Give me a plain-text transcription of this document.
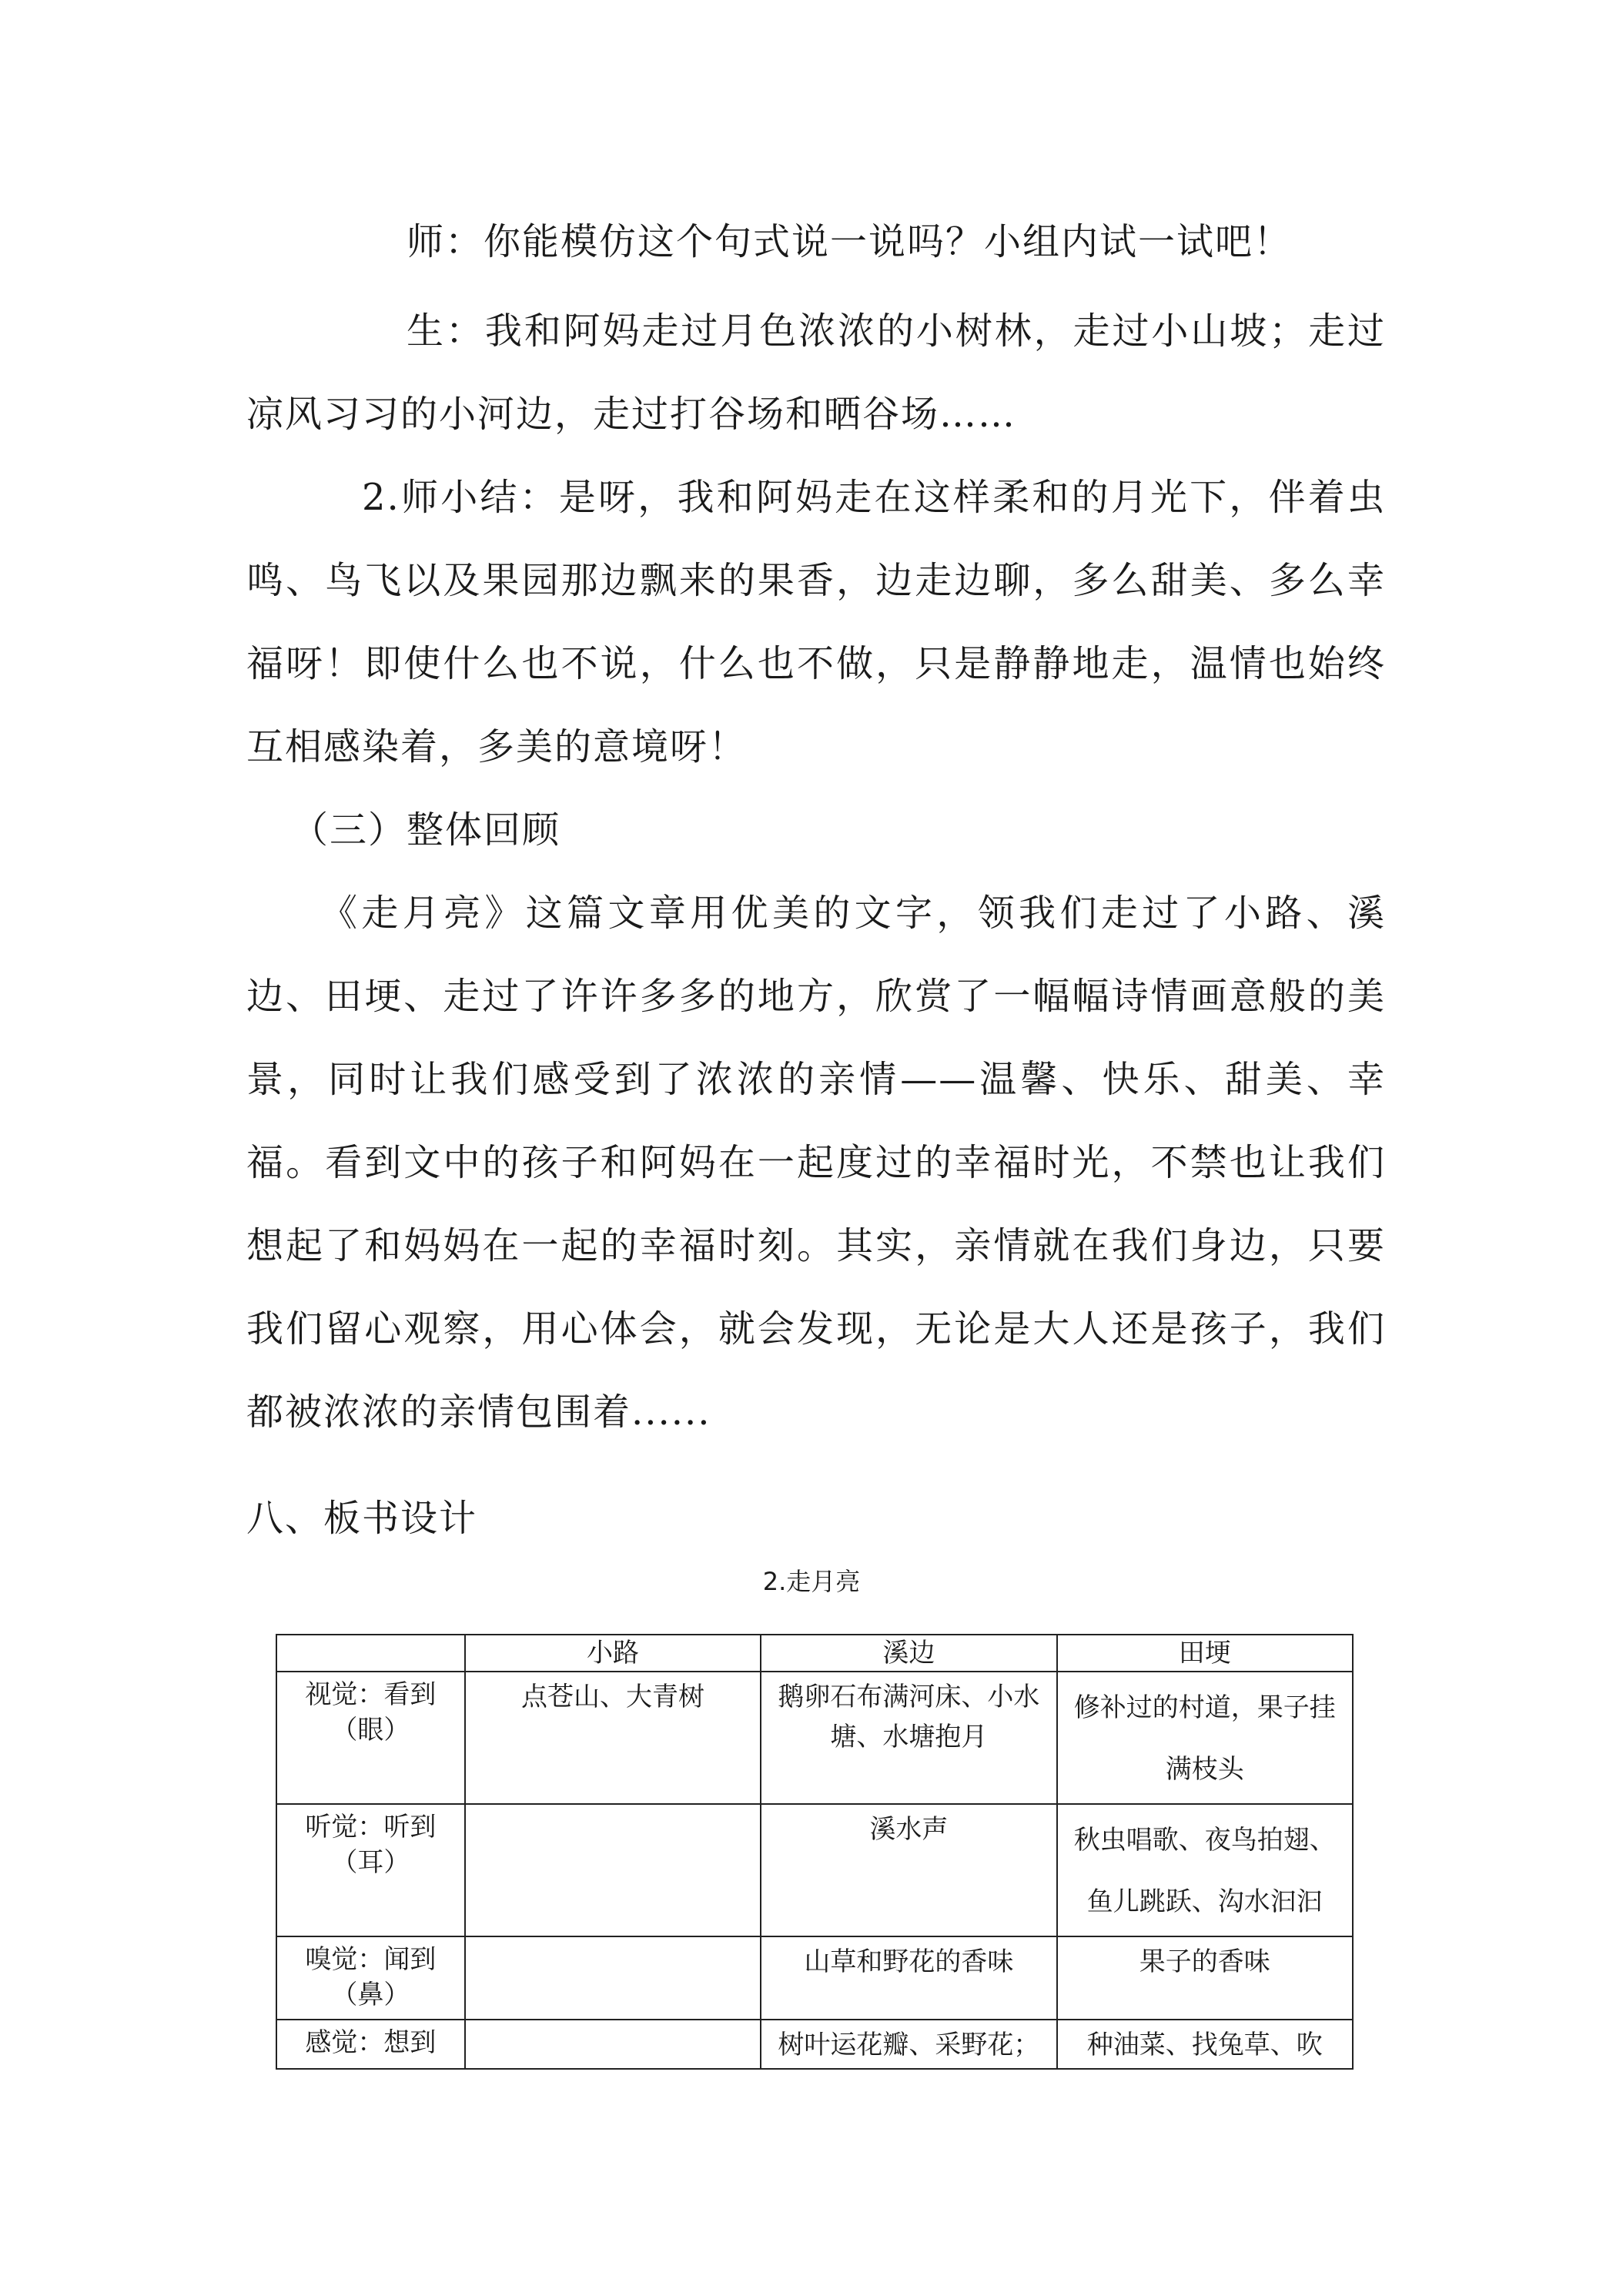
师：你能模仿这个句式说一说吗？小组内试一试吧！

生：我和阿妈走过月色浓浓的小树林，走过小山坡；走过凉风习习的小河边，走过打谷场和晒谷场……

2.师小结：是呀，我和阿妈走在这样柔和的月光下，伴着虫鸣、鸟飞以及果园那边飘来的果香，边走边聊，多么甜美、多么幸福呀！即使什么也不说，什么也不做，只是静静地走，温情也始终互相感染着，多美的意境呀！

（三）整体回顾

《走月亮》这篇文章用优美的文字，领我们走过了小路、溪边、田埂、走过了许许多多的地方，欣赏了一幅幅诗情画意般的美景，同时让我们感受到了浓浓的亲情——温馨、快乐、甜美、幸福。看到文中的孩子和阿妈在一起度过的幸福时光，不禁也让我们想起了和妈妈在一起的幸福时刻。其实，亲情就在我们身边，只要我们留心观察，用心体会，就会发现，无论是大人还是孩子，我们都被浓浓的亲情包围着......

八、板书设计

2.走月亮
	小路	溪边	田埂
视觉：看到（眼）	点苍山、大青树	鹅卵石布满河床、小水塘、水塘抱月	修补过的村道，果子挂满枝头
听觉：听到（耳）		溪水声	秋虫唱歌、夜鸟拍翅、鱼儿跳跃、沟水汩汩
嗅觉：闻到（鼻）		山草和野花的香味	果子的香味
感觉：想到		树叶运花瓣、采野花；	种油菜、找兔草、吹
